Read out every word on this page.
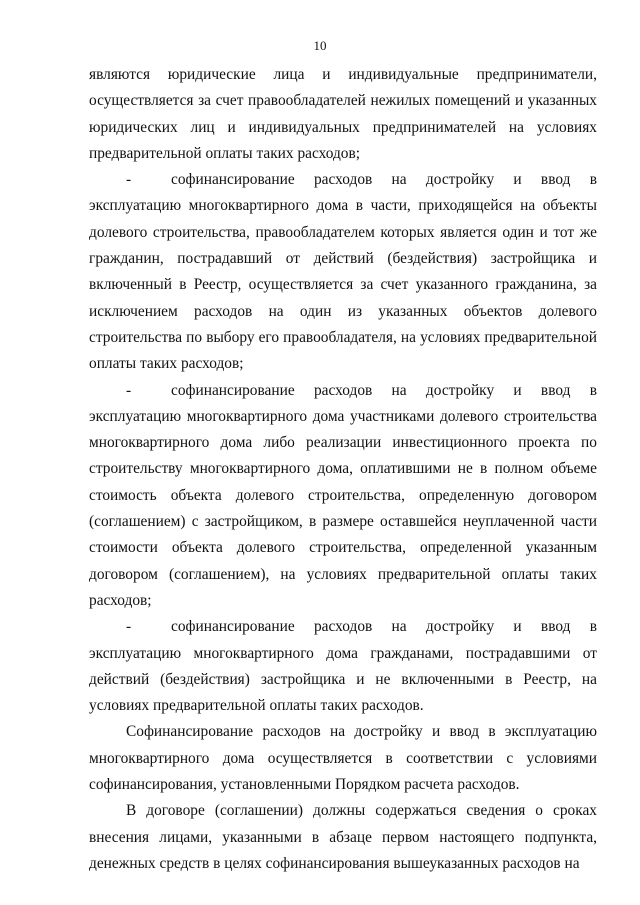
10

являются юридические лица и индивидуальные предприниматели, осуществляется за счет правообладателей нежилых помещений и указанных юридических лиц и индивидуальных предпринимателей на условиях предварительной оплаты таких расходов;

-	софинансирование расходов на достройку и ввод в эксплуатацию многоквартирного дома в части, приходящейся на объекты долевого строительства, правообладателем которых является один и тот же гражданин, пострадавший от действий (бездействия) застройщика и включенный в Реестр, осуществляется за счет указанного гражданина, за исключением расходов на один из указанных объектов долевого строительства по выбору его правообладателя, на условиях предварительной оплаты таких расходов;

-	софинансирование расходов на достройку и ввод в эксплуатацию многоквартирного дома участниками долевого строительства многоквартирного дома либо реализации инвестиционного проекта по строительству многоквартирного дома, оплатившими не в полном объеме стоимость объекта долевого строительства, определенную договором (соглашением) с застройщиком, в размере оставшейся неуплаченной части стоимости объекта долевого строительства, определенной указанным договором (соглашением), на условиях предварительной оплаты таких расходов;

-	софинансирование расходов на достройку и ввод в эксплуатацию многоквартирного дома гражданами, пострадавшими от действий (бездействия) застройщика и не включенными в Реестр, на условиях предварительной оплаты таких расходов.

Софинансирование расходов на достройку и ввод в эксплуатацию многоквартирного дома осуществляется в соответствии с условиями софинансирования, установленными Порядком расчета расходов.

В договоре (соглашении) должны содержаться сведения о сроках внесения лицами, указанными в абзаце первом настоящего подпункта, денежных средств в целях софинансирования вышеуказанных расходов на
